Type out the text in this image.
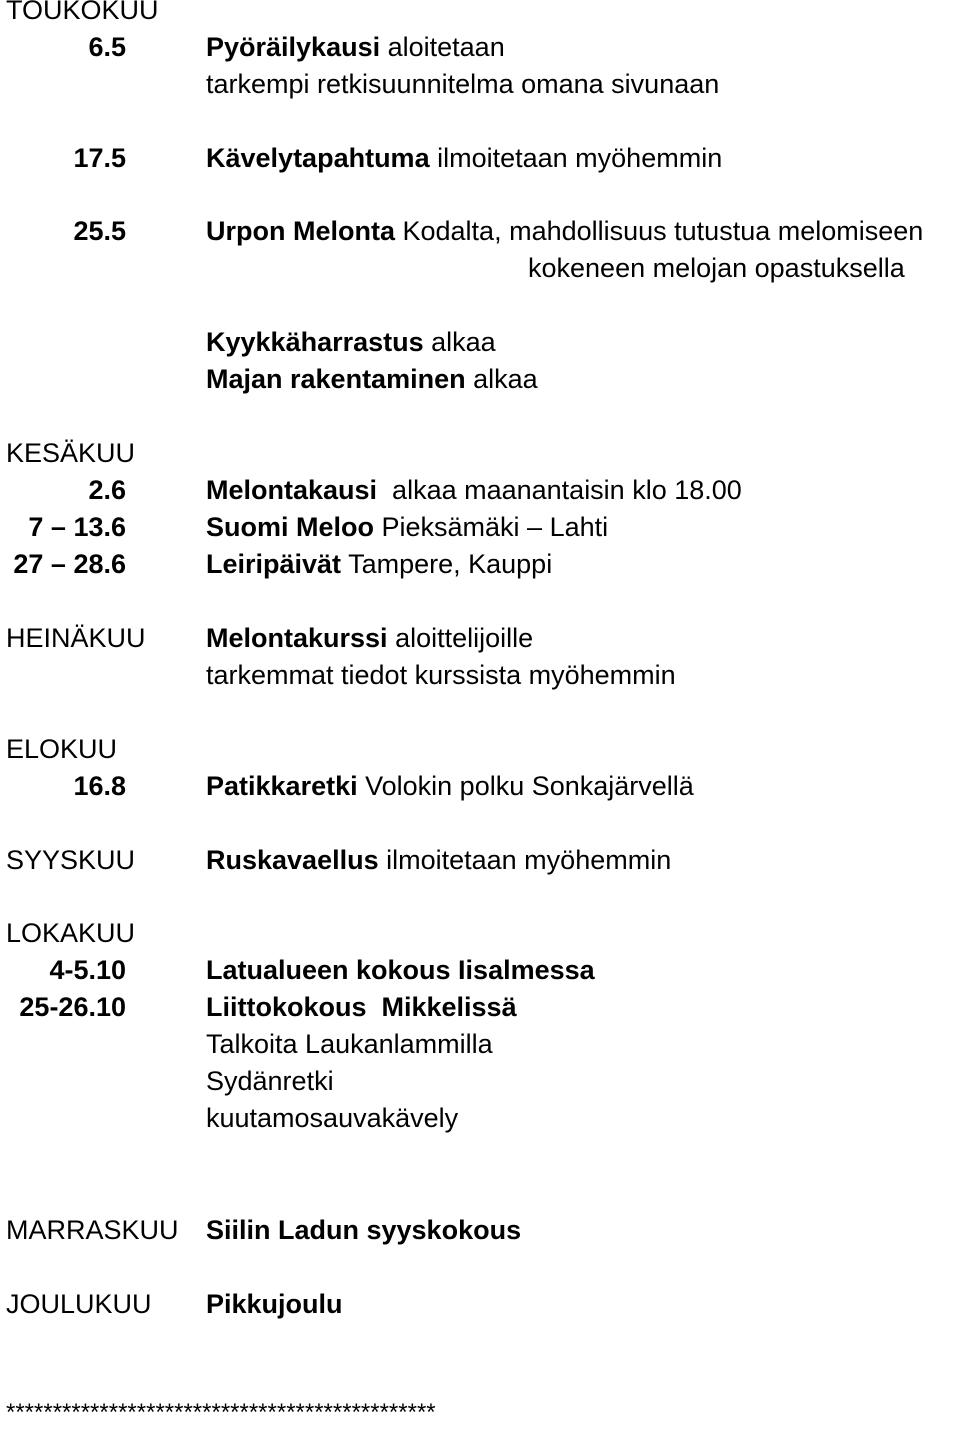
TOUKOKUU
KESÄKUU
HEINÄKUU
ELOKUU
SYYSKUU
LOKAKUU
MARRASKUU
JOULUKUU
6.5
17.5
25.5
2.6
7 – 13.6
27 – 28.6
16.8
4-5.10
25-26.10
Pyöräilykausi aloitetaan
tarkempi retkisuunnitelma omana sivunaan
Kävelytapahtuma ilmoitetaan myöhemmin
Urpon Melonta Kodalta, mahdollisuus tutustua melomiseen
kokeneen melojan opastuksella
Kyykkäharrastus alkaa
Majan rakentaminen alkaa
Melontakausi  alkaa maanantaisin klo 18.00
Suomi Meloo Pieksämäki – Lahti
Leiripäivät Tampere, Kauppi
Melontakurssi aloittelijoille
tarkemmat tiedot kurssista myöhemmin
Patikkaretki Volokin polku Sonkajärvellä
Ruskavaellus ilmoitetaan myöhemmin
Latualueen kokous Iisalmessa
Liittokokous  Mikkelissä
Talkoita Laukanlammilla
Sydänretki
kuutamosauvakävely
Siilin Ladun syyskokous
Pikkujoulu
**********************************************
